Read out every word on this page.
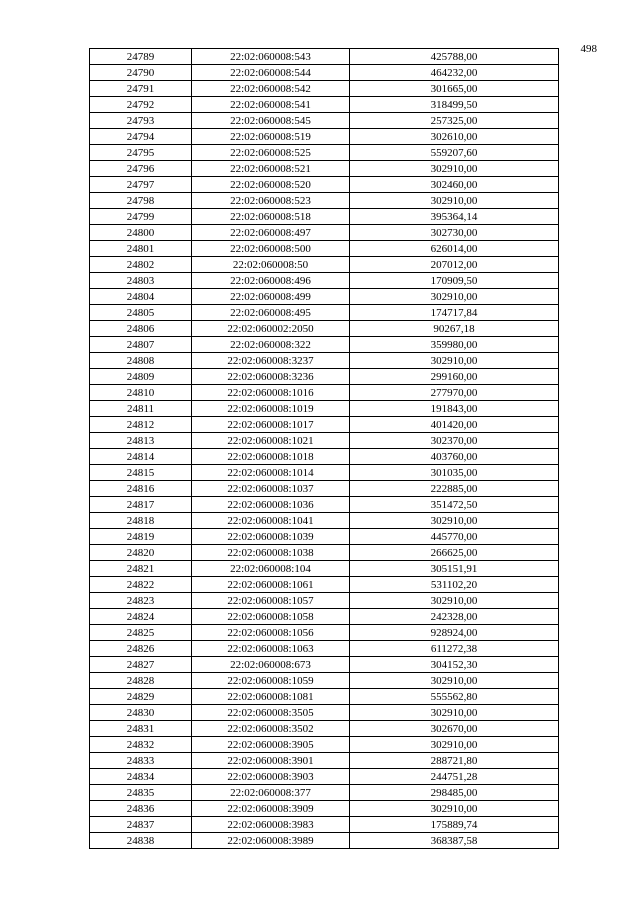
498
24789	22:02:060008:543	425788,00
24790	22:02:060008:544	464232,00
24791	22:02:060008:542	301665,00
24792	22:02:060008:541	318499,50
24793	22:02:060008:545	257325,00
24794	22:02:060008:519	302610,00
24795	22:02:060008:525	559207,60
24796	22:02:060008:521	302910,00
24797	22:02:060008:520	302460,00
24798	22:02:060008:523	302910,00
24799	22:02:060008:518	395364,14
24800	22:02:060008:497	302730,00
24801	22:02:060008:500	626014,00
24802	22:02:060008:50	207012,00
24803	22:02:060008:496	170909,50
24804	22:02:060008:499	302910,00
24805	22:02:060008:495	174717,84
24806	22:02:060002:2050	90267,18
24807	22:02:060008:322	359980,00
24808	22:02:060008:3237	302910,00
24809	22:02:060008:3236	299160,00
24810	22:02:060008:1016	277970,00
24811	22:02:060008:1019	191843,00
24812	22:02:060008:1017	401420,00
24813	22:02:060008:1021	302370,00
24814	22:02:060008:1018	403760,00
24815	22:02:060008:1014	301035,00
24816	22:02:060008:1037	222885,00
24817	22:02:060008:1036	351472,50
24818	22:02:060008:1041	302910,00
24819	22:02:060008:1039	445770,00
24820	22:02:060008:1038	266625,00
24821	22:02:060008:104	305151,91
24822	22:02:060008:1061	531102,20
24823	22:02:060008:1057	302910,00
24824	22:02:060008:1058	242328,00
24825	22:02:060008:1056	928924,00
24826	22:02:060008:1063	611272,38
24827	22:02:060008:673	304152,30
24828	22:02:060008:1059	302910,00
24829	22:02:060008:1081	555562,80
24830	22:02:060008:3505	302910,00
24831	22:02:060008:3502	302670,00
24832	22:02:060008:3905	302910,00
24833	22:02:060008:3901	288721,80
24834	22:02:060008:3903	244751,28
24835	22:02:060008:377	298485,00
24836	22:02:060008:3909	302910,00
24837	22:02:060008:3983	175889,74
24838	22:02:060008:3989	368387,58
